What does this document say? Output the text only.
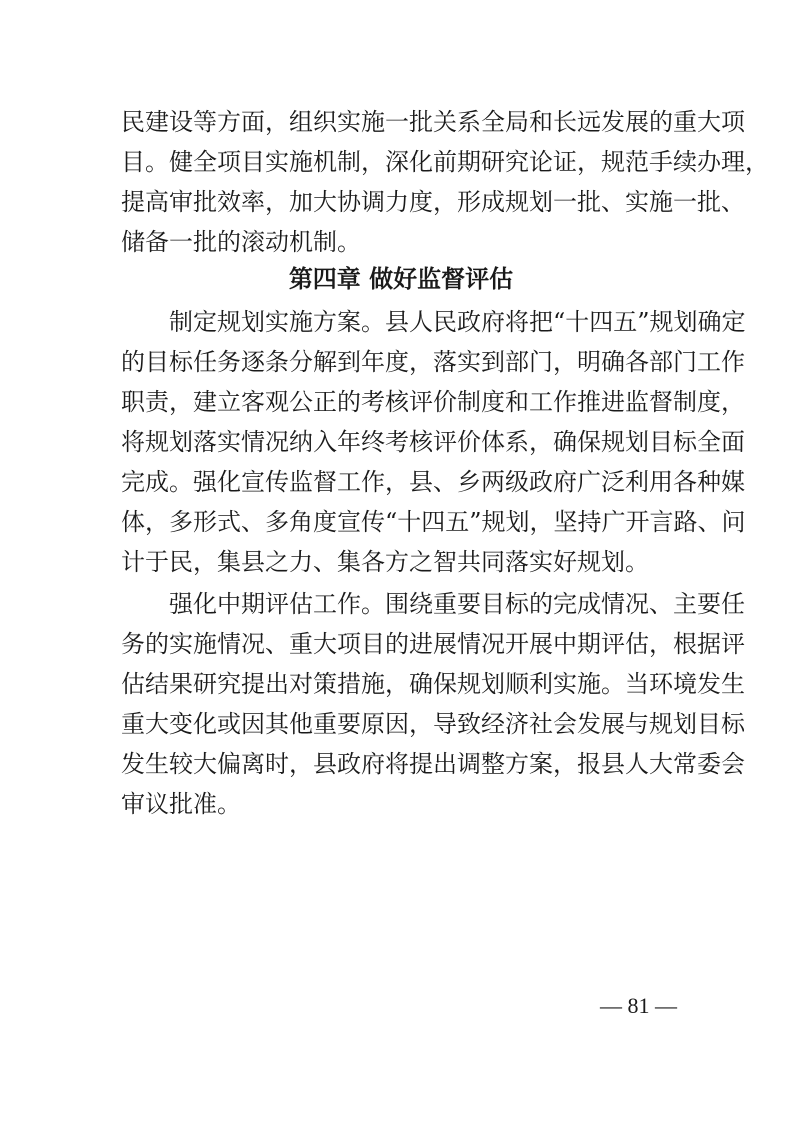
民建设等方面，组织实施一批关系全局和长远发展的重大项
目。健全项目实施机制，深化前期研究论证，规范手续办理，
提高审批效率，加大协调力度，形成规划一批、实施一批、
储备一批的滚动机制。
第四章 做好监督评估
制定规划实施方案。县人民政府将把“十四五”规划确定
的目标任务逐条分解到年度，落实到部门，明确各部门工作
职责，建立客观公正的考核评价制度和工作推进监督制度，
将规划落实情况纳入年终考核评价体系，确保规划目标全面
完成。强化宣传监督工作，县、乡两级政府广泛利用各种媒
体，多形式、多角度宣传“十四五”规划，坚持广开言路、问
计于民，集县之力、集各方之智共同落实好规划。
强化中期评估工作。围绕重要目标的完成情况、主要任
务的实施情况、重大项目的进展情况开展中期评估，根据评
估结果研究提出对策措施，确保规划顺利实施。当环境发生
重大变化或因其他重要原因，导致经济社会发展与规划目标
发生较大偏离时，县政府将提出调整方案，报县人大常委会
审议批准。
— 81 —
